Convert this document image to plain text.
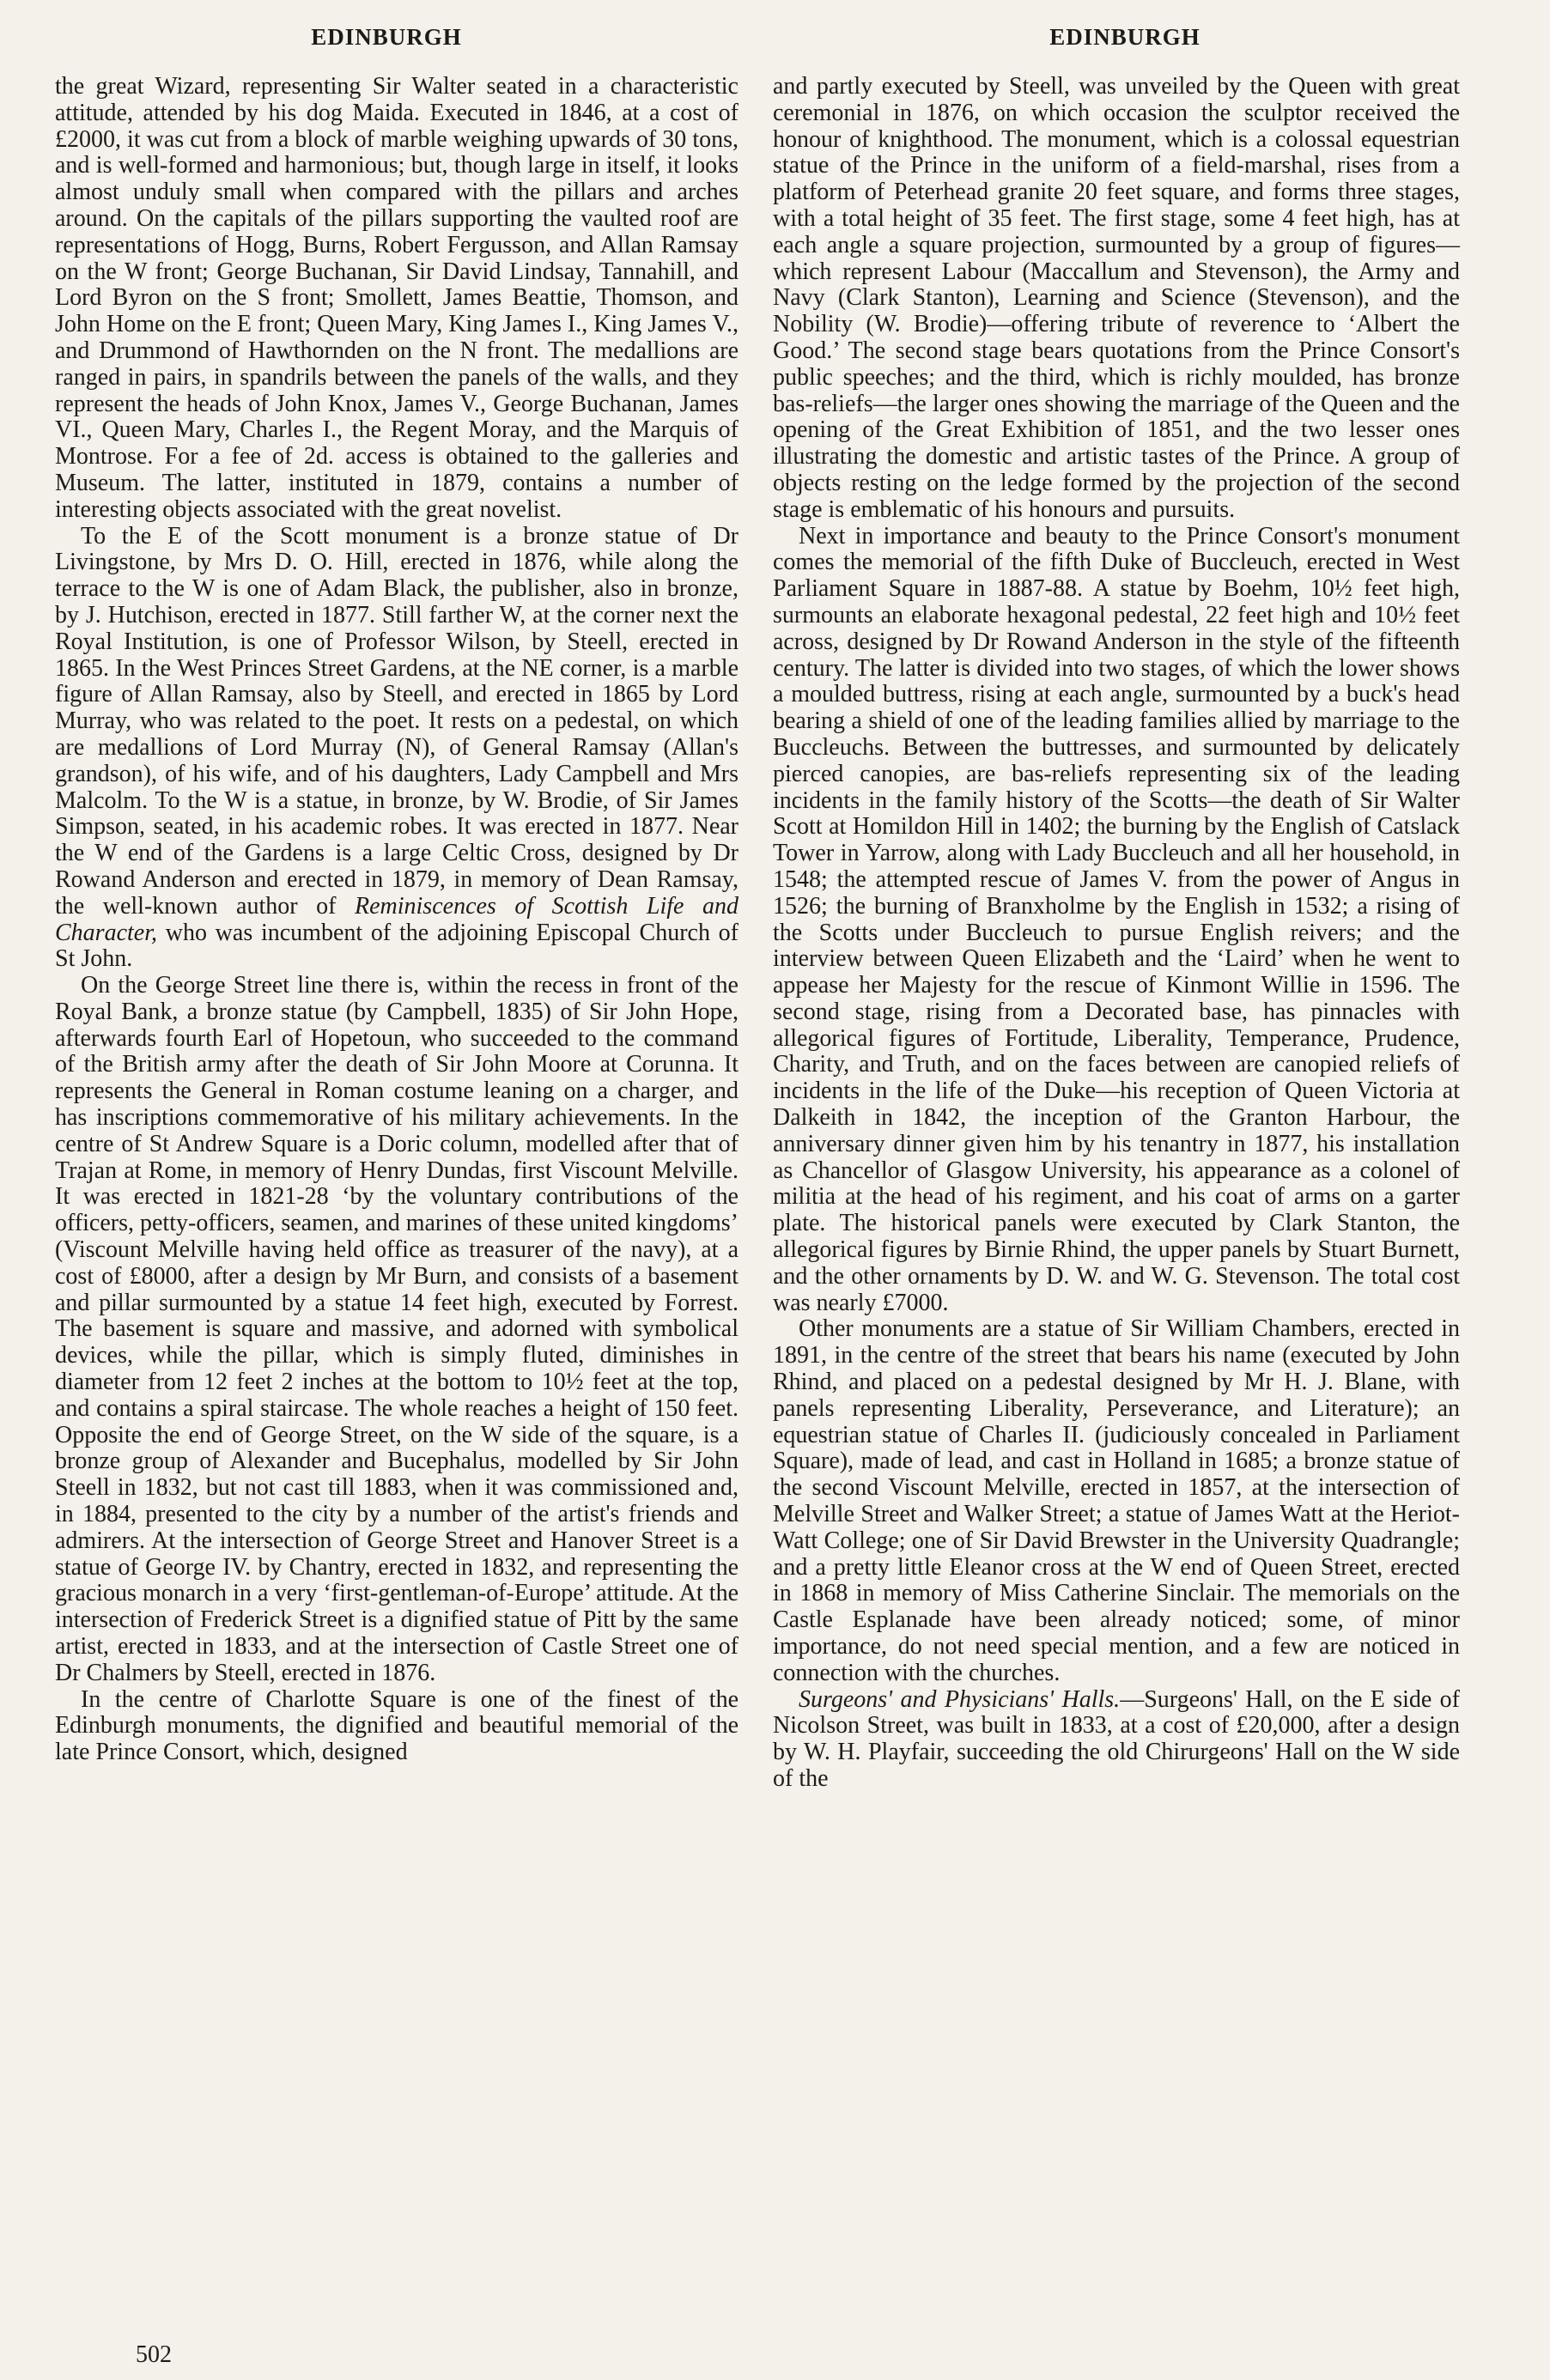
EDINBURGH	EDINBURGH

the great Wizard, representing Sir Walter seated in a characteristic attitude, attended by his dog Maida. Executed in 1846, at a cost of £2000, it was cut from a block of marble weighing upwards of 30 tons, and is well-formed and harmonious; but, though large in itself, it looks almost unduly small when compared with the pillars and arches around. On the capitals of the pillars supporting the vaulted roof are representations of Hogg, Burns, Robert Fergusson, and Allan Ramsay on the W front; George Buchanan, Sir David Lindsay, Tannahill, and Lord Byron on the S front; Smollett, James Beattie, Thomson, and John Home on the E front; Queen Mary, King James I., King James V., and Drummond of Hawthornden on the N front. The medallions are ranged in pairs, in spandrils between the panels of the walls, and they represent the heads of John Knox, James V., George Buchanan, James VI., Queen Mary, Charles I., the Regent Moray, and the Marquis of Montrose. For a fee of 2d. access is obtained to the galleries and Museum. The latter, instituted in 1879, contains a number of interesting objects associated with the great novelist.

To the E of the Scott monument is a bronze statue of Dr Livingstone, by Mrs D. O. Hill, erected in 1876, while along the terrace to the W is one of Adam Black, the publisher, also in bronze, by J. Hutchison, erected in 1877. Still farther W, at the corner next the Royal Institution, is one of Professor Wilson, by Steell, erected in 1865. In the West Princes Street Gardens, at the NE corner, is a marble figure of Allan Ramsay, also by Steell, and erected in 1865 by Lord Murray, who was related to the poet. It rests on a pedestal, on which are medallions of Lord Murray (N), of General Ramsay (Allan's grandson), of his wife, and of his daughters, Lady Campbell and Mrs Malcolm. To the W is a statue, in bronze, by W. Brodie, of Sir James Simpson, seated, in his academic robes. It was erected in 1877. Near the W end of the Gardens is a large Celtic Cross, designed by Dr Rowand Anderson and erected in 1879, in memory of Dean Ramsay, the well-known author of Reminiscences of Scottish Life and Character, who was incumbent of the adjoining Episcopal Church of St John.

On the George Street line there is, within the recess in front of the Royal Bank, a bronze statue (by Campbell, 1835) of Sir John Hope, afterwards fourth Earl of Hopetoun, who succeeded to the command of the British army after the death of Sir John Moore at Corunna. It represents the General in Roman costume leaning on a charger, and has inscriptions commemorative of his military achievements. In the centre of St Andrew Square is a Doric column, modelled after that of Trajan at Rome, in memory of Henry Dundas, first Viscount Melville. It was erected in 1821-28 ‘by the voluntary contributions of the officers, petty-officers, seamen, and marines of these united kingdoms’ (Viscount Melville having held office as treasurer of the navy), at a cost of £8000, after a design by Mr Burn, and consists of a basement and pillar surmounted by a statue 14 feet high, executed by Forrest. The basement is square and massive, and adorned with symbolical devices, while the pillar, which is simply fluted, diminishes in diameter from 12 feet 2 inches at the bottom to 10½ feet at the top, and contains a spiral staircase. The whole reaches a height of 150 feet. Opposite the end of George Street, on the W side of the square, is a bronze group of Alexander and Bucephalus, modelled by Sir John Steell in 1832, but not cast till 1883, when it was commissioned and, in 1884, presented to the city by a number of the artist's friends and admirers. At the intersection of George Street and Hanover Street is a statue of George IV. by Chantry, erected in 1832, and representing the gracious monarch in a very ‘first-gentleman-of-Europe’ attitude. At the intersection of Frederick Street is a dignified statue of Pitt by the same artist, erected in 1833, and at the intersection of Castle Street one of Dr Chalmers by Steell, erected in 1876.

In the centre of Charlotte Square is one of the finest of the Edinburgh monuments, the dignified and beautiful memorial of the late Prince Consort, which, designed

and partly executed by Steell, was unveiled by the Queen with great ceremonial in 1876, on which occasion the sculptor received the honour of knighthood. The monument, which is a colossal equestrian statue of the Prince in the uniform of a field-marshal, rises from a platform of Peterhead granite 20 feet square, and forms three stages, with a total height of 35 feet. The first stage, some 4 feet high, has at each angle a square projection, surmounted by a group of figures—which represent Labour (Maccallum and Stevenson), the Army and Navy (Clark Stanton), Learning and Science (Stevenson), and the Nobility (W. Brodie)—offering tribute of reverence to ‘Albert the Good.’ The second stage bears quotations from the Prince Consort's public speeches; and the third, which is richly moulded, has bronze bas-reliefs—the larger ones showing the marriage of the Queen and the opening of the Great Exhibition of 1851, and the two lesser ones illustrating the domestic and artistic tastes of the Prince. A group of objects resting on the ledge formed by the projection of the second stage is emblematic of his honours and pursuits.

Next in importance and beauty to the Prince Consort's monument comes the memorial of the fifth Duke of Buccleuch, erected in West Parliament Square in 1887-88. A statue by Boehm, 10½ feet high, surmounts an elaborate hexagonal pedestal, 22 feet high and 10½ feet across, designed by Dr Rowand Anderson in the style of the fifteenth century. The latter is divided into two stages, of which the lower shows a moulded buttress, rising at each angle, surmounted by a buck's head bearing a shield of one of the leading families allied by marriage to the Buccleuchs. Between the buttresses, and surmounted by delicately pierced canopies, are bas-reliefs representing six of the leading incidents in the family history of the Scotts—the death of Sir Walter Scott at Homildon Hill in 1402; the burning by the English of Catslack Tower in Yarrow, along with Lady Buccleuch and all her household, in 1548; the attempted rescue of James V. from the power of Angus in 1526; the burning of Branxholme by the English in 1532; a rising of the Scotts under Buccleuch to pursue English reivers; and the interview between Queen Elizabeth and the ‘Laird’ when he went to appease her Majesty for the rescue of Kinmont Willie in 1596. The second stage, rising from a Decorated base, has pinnacles with allegorical figures of Fortitude, Liberality, Temperance, Prudence, Charity, and Truth, and on the faces between are canopied reliefs of incidents in the life of the Duke—his reception of Queen Victoria at Dalkeith in 1842, the inception of the Granton Harbour, the anniversary dinner given him by his tenantry in 1877, his installation as Chancellor of Glasgow University, his appearance as a colonel of militia at the head of his regiment, and his coat of arms on a garter plate. The historical panels were executed by Clark Stanton, the allegorical figures by Birnie Rhind, the upper panels by Stuart Burnett, and the other ornaments by D. W. and W. G. Stevenson. The total cost was nearly £7000.

Other monuments are a statue of Sir William Chambers, erected in 1891, in the centre of the street that bears his name (executed by John Rhind, and placed on a pedestal designed by Mr H. J. Blane, with panels representing Liberality, Perseverance, and Literature); an equestrian statue of Charles II. (judiciously concealed in Parliament Square), made of lead, and cast in Holland in 1685; a bronze statue of the second Viscount Melville, erected in 1857, at the intersection of Melville Street and Walker Street; a statue of James Watt at the Heriot-Watt College; one of Sir David Brewster in the University Quadrangle; and a pretty little Eleanor cross at the W end of Queen Street, erected in 1868 in memory of Miss Catherine Sinclair. The memorials on the Castle Esplanade have been already noticed; some, of minor importance, do not need special mention, and a few are noticed in connection with the churches.

Surgeons' and Physicians' Halls.—Surgeons' Hall, on the E side of Nicolson Street, was built in 1833, at a cost of £20,000, after a design by W. H. Playfair, succeeding the old Chirurgeons' Hall on the W side of the

502
